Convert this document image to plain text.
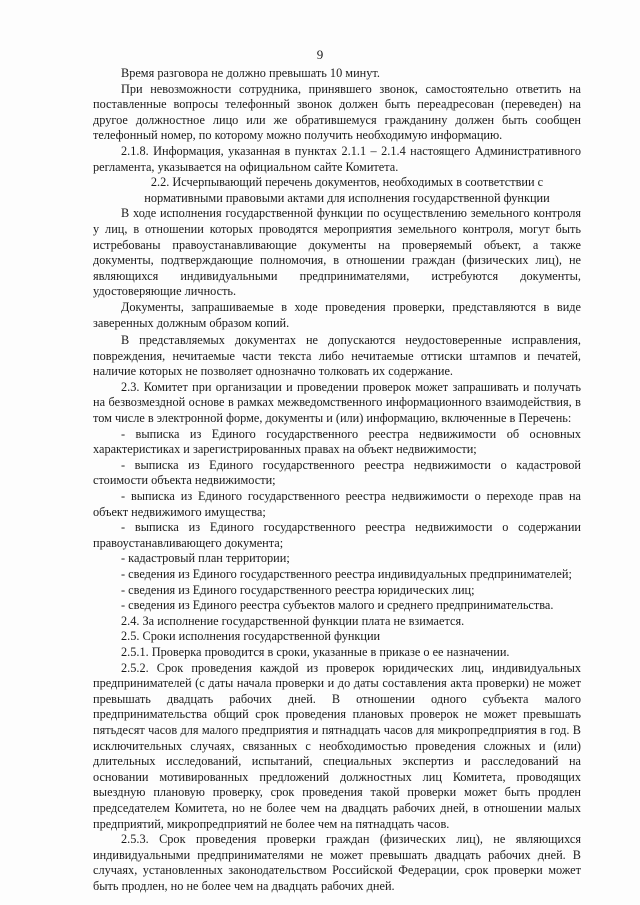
9

Время разговора не должно превышать 10 минут.

При невозможности сотрудника, принявшего звонок, самостоятельно ответить на поставленные вопросы телефонный звонок должен быть переадресован (переведен) на другое должностное лицо или же обратившемуся гражданину должен быть сообщен телефонный номер, по которому можно получить необходимую информацию.

2.1.8. Информация, указанная в пунктах 2.1.1 – 2.1.4 настоящего Административного регламента, указывается на официальном сайте Комитета.

2.2. Исчерпывающий перечень документов, необходимых в соответствии с нормативными правовыми актами для исполнения государственной функции

В ходе исполнения государственной функции по осуществлению земельного контроля у лиц, в отношении которых проводятся мероприятия земельного контроля, могут быть истребованы правоустанавливающие документы на проверяемый объект, а также документы, подтверждающие полномочия, в отношении граждан (физических лиц), не являющихся индивидуальными предпринимателями, истребуются документы, удостоверяющие личность.

Документы, запрашиваемые в ходе проведения проверки, представляются в виде заверенных должным образом копий.

В представляемых документах не допускаются неудостоверенные исправления, повреждения, нечитаемые части текста либо нечитаемые оттиски штампов и печатей, наличие которых не позволяет однозначно толковать их содержание.

2.3. Комитет при организации и проведении проверок может запрашивать и получать на безвозмездной основе в рамках межведомственного информационного взаимодействия, в том числе в электронной форме, документы и (или) информацию, включенные в Перечень:

- выписка из Единого государственного реестра недвижимости об основных характеристиках и зарегистрированных правах на объект недвижимости;

- выписка из Единого государственного реестра недвижимости о кадастровой стоимости объекта недвижимости;

- выписка из Единого государственного реестра недвижимости о переходе прав на объект недвижимого имущества;

- выписка из Единого государственного реестра недвижимости о содержании правоустанавливающего документа;

- кадастровый план территории;

- сведения из Единого государственного реестра индивидуальных предпринимателей;

- сведения из Единого государственного реестра юридических лиц;

- сведения из Единого реестра субъектов малого и среднего предпринимательства.

2.4. За исполнение государственной функции плата не взимается.

2.5. Сроки исполнения государственной функции

2.5.1. Проверка проводится в сроки, указанные в приказе о ее назначении.

2.5.2. Срок проведения каждой из проверок юридических лиц, индивидуальных предпринимателей (с даты начала проверки и до даты составления акта проверки) не может превышать двадцать рабочих дней. В отношении одного субъекта малого предпринимательства общий срок проведения плановых проверок не может превышать пятьдесят часов для малого предприятия и пятнадцать часов для микропредприятия в год. В исключительных случаях, связанных с необходимостью проведения сложных и (или) длительных исследований, испытаний, специальных экспертиз и расследований на основании мотивированных предложений должностных лиц Комитета, проводящих выездную плановую проверку, срок проведения такой проверки может быть продлен председателем Комитета, но не более чем на двадцать рабочих дней, в отношении малых предприятий, микропредприятий не более чем на пятнадцать часов.

2.5.3. Срок проведения проверки граждан (физических лиц), не являющихся индивидуальными предпринимателями не может превышать двадцать рабочих дней. В случаях, установленных законодательством Российской Федерации, срок проверки может быть продлен, но не более чем на двадцать рабочих дней.
